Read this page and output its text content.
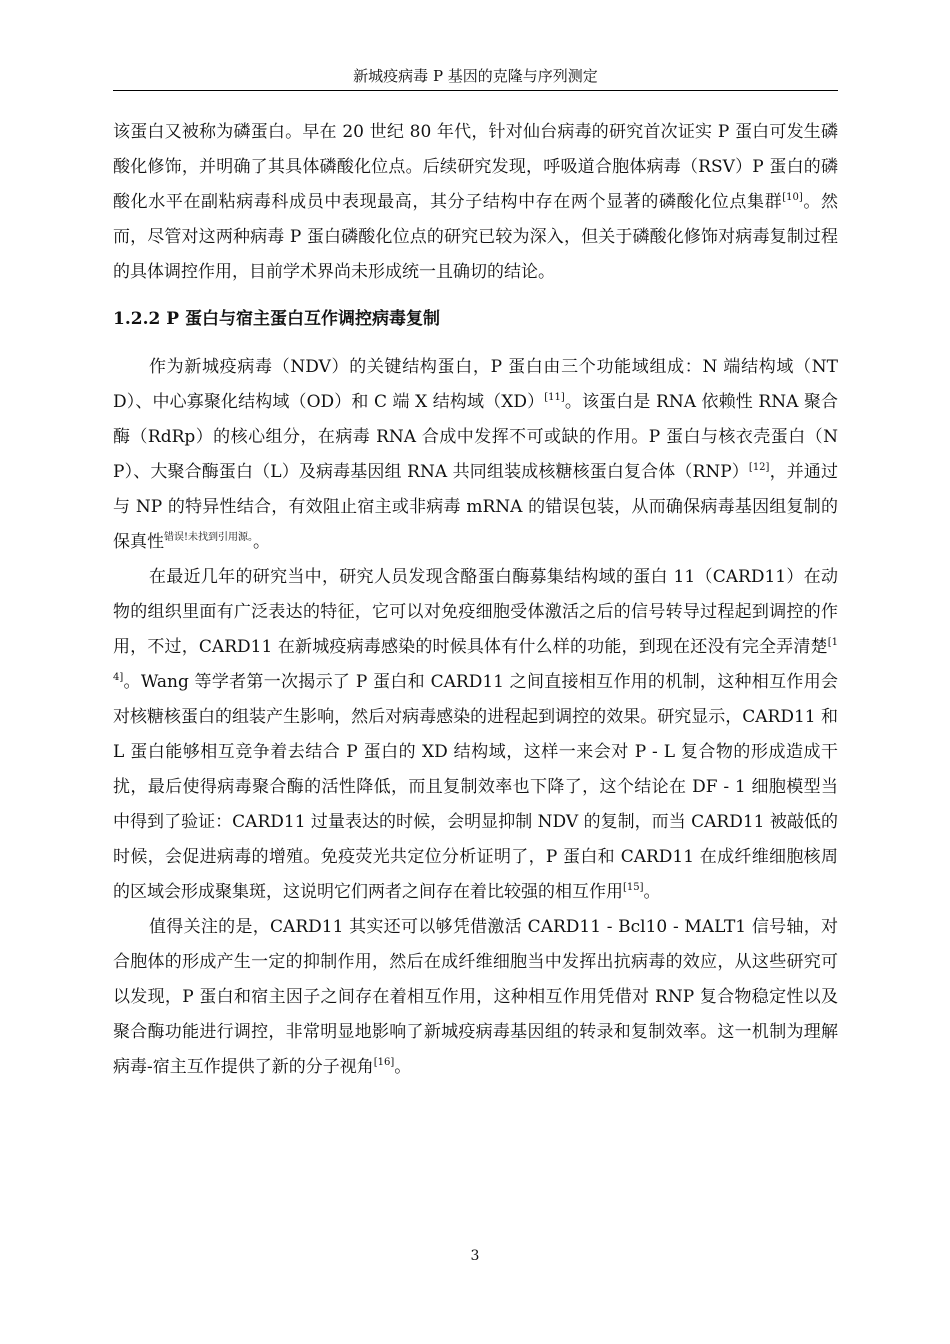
新城疫病毒 P 基因的克隆与序列测定

该蛋白又被称为磷蛋白。早在 20 世纪 80 年代，针对仙台病毒的研究首次证实 P 蛋白可发生磷酸化修饰，并明确了其具体磷酸化位点。后续研究发现，呼吸道合胞体病毒（RSV）P 蛋白的磷酸化水平在副粘病毒科成员中表现最高，其分子结构中存在两个显著的磷酸化位点集群[10]。然而，尽管对这两种病毒 P 蛋白磷酸化位点的研究已较为深入，但关于磷酸化修饰对病毒复制过程的具体调控作用，目前学术界尚未形成统一且确切的结论。

1.2.2 P 蛋白与宿主蛋白互作调控病毒复制

作为新城疫病毒（NDV）的关键结构蛋白，P 蛋白由三个功能域组成：N 端结构域（NTD）、中心寡聚化结构域（OD）和 C 端 X 结构域（XD）[11]。该蛋白是 RNA 依赖性 RNA 聚合酶（RdRp）的核心组分，在病毒 RNA 合成中发挥不可或缺的作用。P 蛋白与核衣壳蛋白（NP）、大聚合酶蛋白（L）及病毒基因组 RNA 共同组装成核糖核蛋白复合体（RNP）[12]，并通过与 NP 的特异性结合，有效阻止宿主或非病毒 mRNA 的错误包装，从而确保病毒基因组复制的保真性$^{错误!未找到引用源。}$。

在最近几年的研究当中，研究人员发现含酪蛋白酶募集结构域的蛋白 11（CARD11）在动物的组织里面有广泛表达的特征，它可以对免疫细胞受体激活之后的信号转导过程起到调控的作用，不过，CARD11 在新城疫病毒感染的时候具体有什么样的功能，到现在还没有完全弄清楚[14]。Wang 等学者第一次揭示了 P 蛋白和 CARD11 之间直接相互作用的机制，这种相互作用会对核糖核蛋白的组装产生影响，然后对病毒感染的进程起到调控的效果。研究显示，CARD11 和 L 蛋白能够相互竞争着去结合 P 蛋白的 XD 结构域，这样一来会对 P - L 复合物的形成造成干扰，最后使得病毒聚合酶的活性降低，而且复制效率也下降了，这个结论在 DF - 1 细胞模型当中得到了验证：CARD11 过量表达的时候，会明显抑制 NDV 的复制，而当 CARD11 被敲低的时候，会促进病毒的增殖。免疫荧光共定位分析证明了，P 蛋白和 CARD11 在成纤维细胞核周的区域会形成聚集斑，这说明它们两者之间存在着比较强的相互作用[15]。

值得关注的是，CARD11 其实还可以够凭借激活 CARD11 - Bcl10 - MALT1 信号轴，对合胞体的形成产生一定的抑制作用，然后在成纤维细胞当中发挥出抗病毒的效应，从这些研究可以发现，P 蛋白和宿主因子之间存在着相互作用，这种相互作用凭借对 RNP 复合物稳定性以及聚合酶功能进行调控，非常明显地影响了新城疫病毒基因组的转录和复制效率。这一机制为理解病毒-宿主互作提供了新的分子视角[16]。

3
